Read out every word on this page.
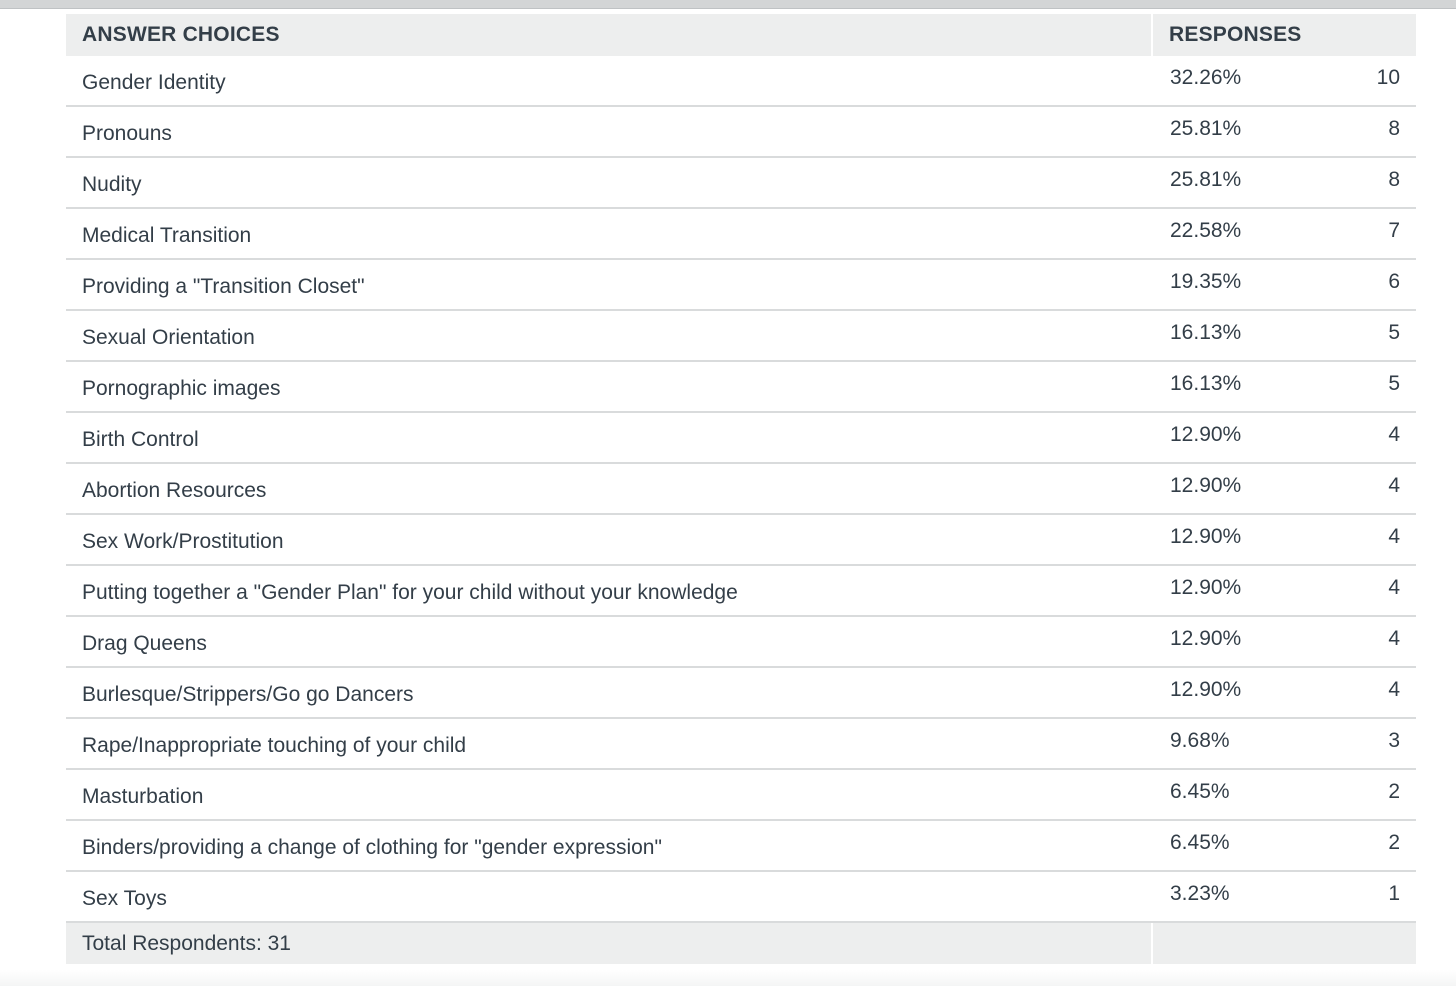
ANSWER CHOICES	RESPONSES
Gender Identity	32.26% 10

Pronouns	25.81% 8

Nudity	25.81% 8

Medical Transition	22.58% 7

Providing a "Transition Closet"	19.35% 6

Sexual Orientation	16.13% 5

Pornographic images	16.13% 5

Birth Control	12.90% 4

Abortion Resources	12.90% 4

Sex Work/Prostitution	12.90% 4

Putting together a "Gender Plan" for your child without your knowledge	12.90% 4

Drag Queens	12.90% 4

Burlesque/Strippers/Go go Dancers	12.90% 4

Rape/Inappropriate touching of your child	9.68% 3

Masturbation	6.45% 2

Binders/providing a change of clothing for "gender expression"	6.45% 2

Sex Toys	3.23% 1

Total Respondents: 31	
